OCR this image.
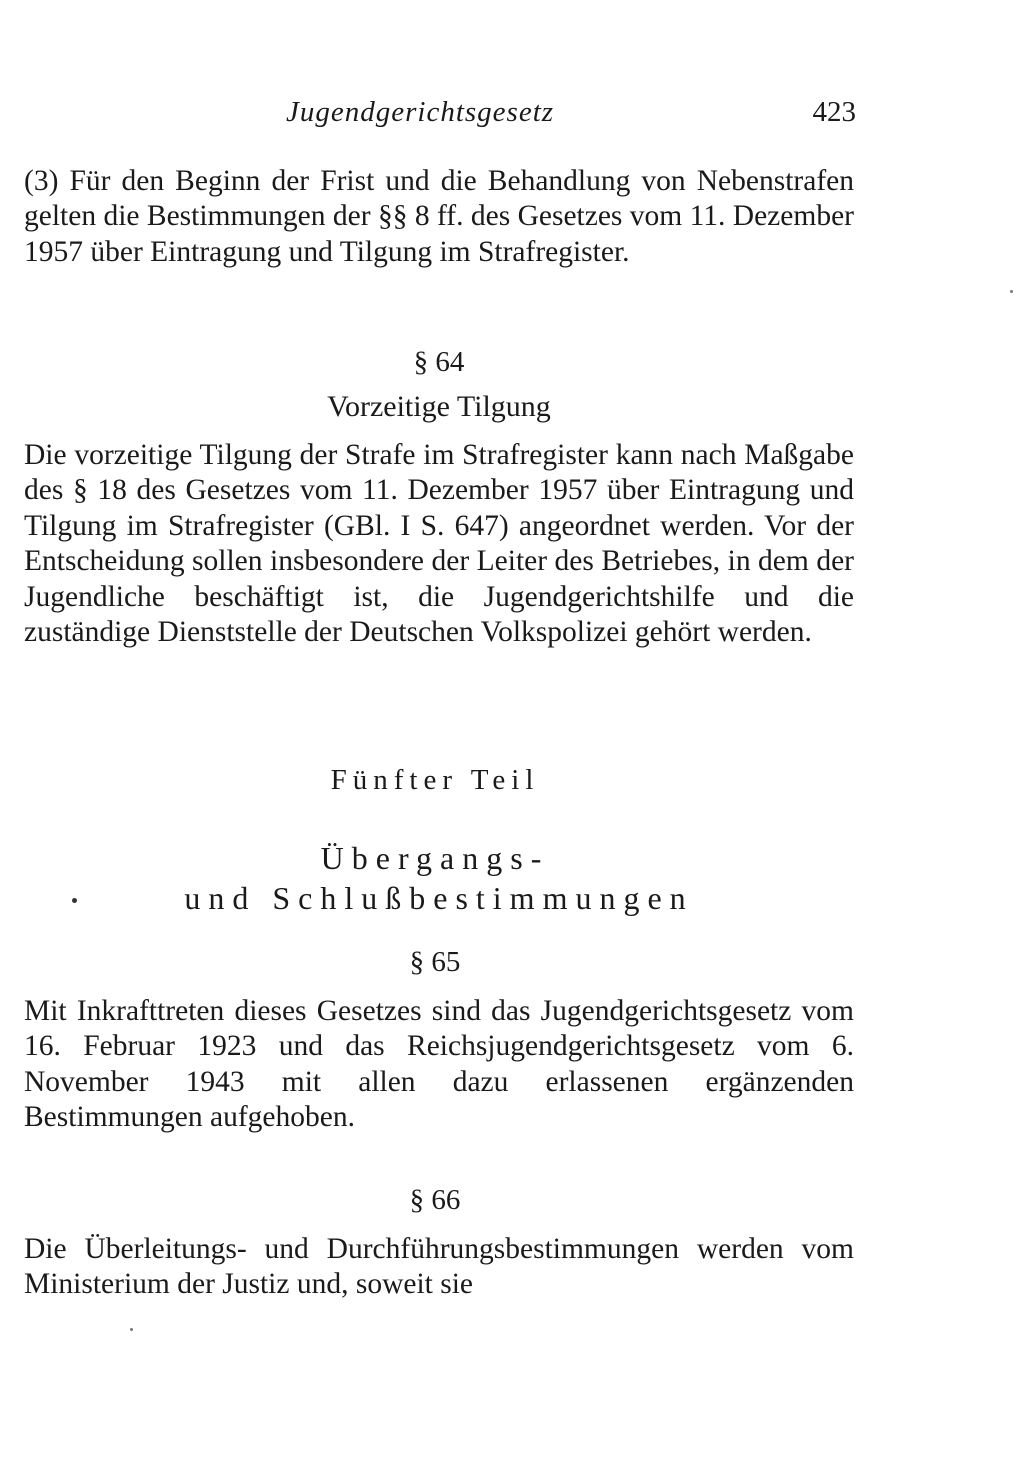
Jugendgerichtsgesetz	423

(3) Für den Beginn der Frist und die Behandlung von Nebenstrafen gelten die Bestimmungen der §§ 8 ff. des Gesetzes vom 11. Dezember 1957 über Eintragung und Tilgung im Strafregister.

§ 64
Vorzeitige Tilgung

Die vorzeitige Tilgung der Strafe im Strafregister kann nach Maßgabe des § 18 des Gesetzes vom 11. Dezember 1957 über Eintragung und Tilgung im Strafregister (GBl. I S. 647) angeordnet werden. Vor der Entscheidung sollen insbesondere der Leiter des Betriebes, in dem der Jugendliche beschäftigt ist, die Jugendgerichtshilfe und die zuständige Dienststelle der Deutschen Volkspolizei gehört werden.

Fünfter Teil
Übergangs-
und Schlußbestimmungen
§ 65

Mit Inkrafttreten dieses Gesetzes sind das Jugendgerichtsgesetz vom 16. Februar 1923 und das Reichsjugendgerichtsgesetz vom 6. November 1943 mit allen dazu erlassenen ergänzenden Bestimmungen aufgehoben.

§ 66

Die Überleitungs- und Durchführungsbestimmungen werden vom Ministerium der Justiz und, soweit sie
